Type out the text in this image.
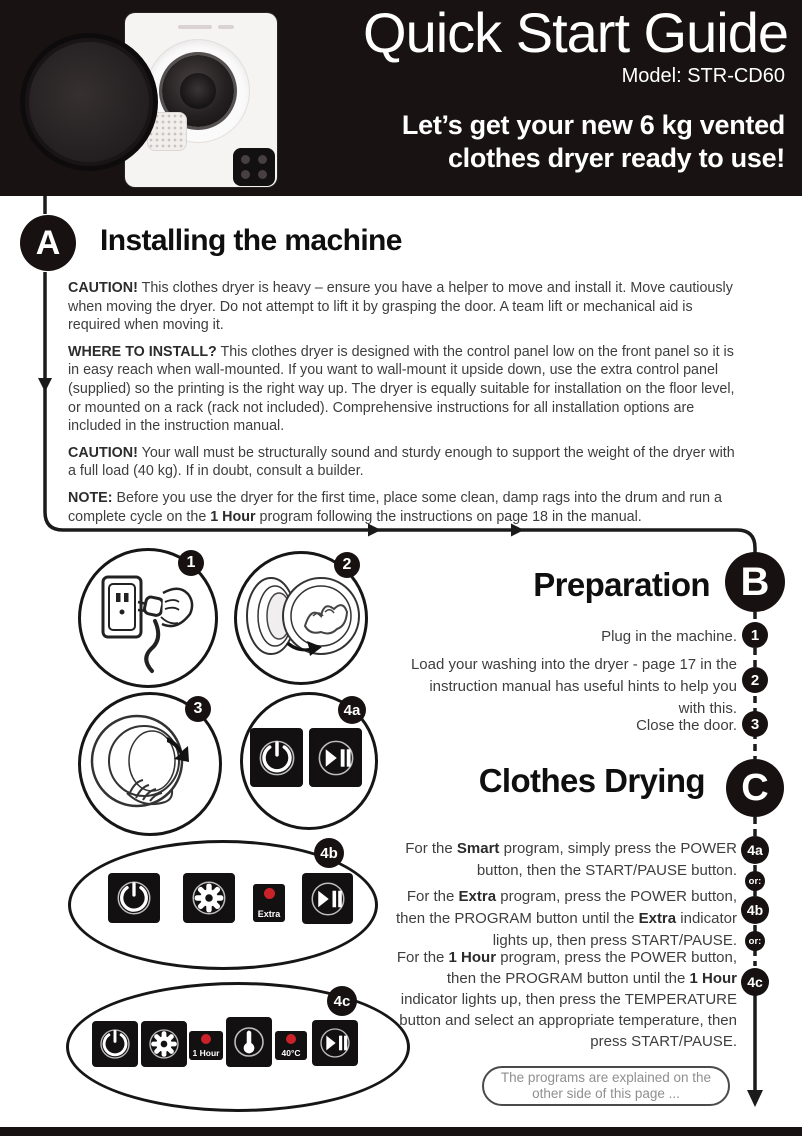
Quick Start Guide
Model: STR-CD60
Let’s get your new 6 kg vented
clothes dryer ready to use!
A	Installing the machine

CAUTION! This clothes dryer is heavy – ensure you have a helper to move and install it. Move cautiously when moving the dryer. Do not attempt to lift it by grasping the door. A team lift or mechanical aid is required when moving it.

WHERE TO INSTALL? This clothes dryer is designed with the control panel low on the front panel so it is in easy reach when wall-mounted. If you want to wall-mount it upside down, use the extra control panel (supplied) so the printing is the right way up. The dryer is equally suitable for installation on the floor level, or mounted on a rack (rack not included). Comprehensive instructions for all installation options are included in the instruction manual.

CAUTION! Your wall must be structurally sound and sturdy enough to support the weight of the dryer with a full load (40 kg). If in doubt, consult a builder.

NOTE: Before you use the dryer for the first time, place some clean, damp rags into the drum and run a complete cycle on the 1 Hour program following the instructions on page 18 in the manual.

1	2
3	4a
Extra
4b
1 Hour	40°C
4c
Preparation B
Plug in the machine. 1
Load your washing into the dryer - page 17 in the instruction manual has useful hints to help you with this.
2
Close the door. 3
Clothes Drying C
For the Smart program, simply press the POWER button, then the START/PAUSE button.
4a
or:
For the Extra program, press the POWER button, then the PROGRAM button until the Extra indicator lights up, then press START/PAUSE.
4b
or:
For the 1 Hour program, press the POWER button, then the PROGRAM button until the 1 Hour indicator lights up, then press the TEMPERATURE button and select an appropriate temperature, then press START/PAUSE.
4c
The programs are explained on the other side of this page ...
